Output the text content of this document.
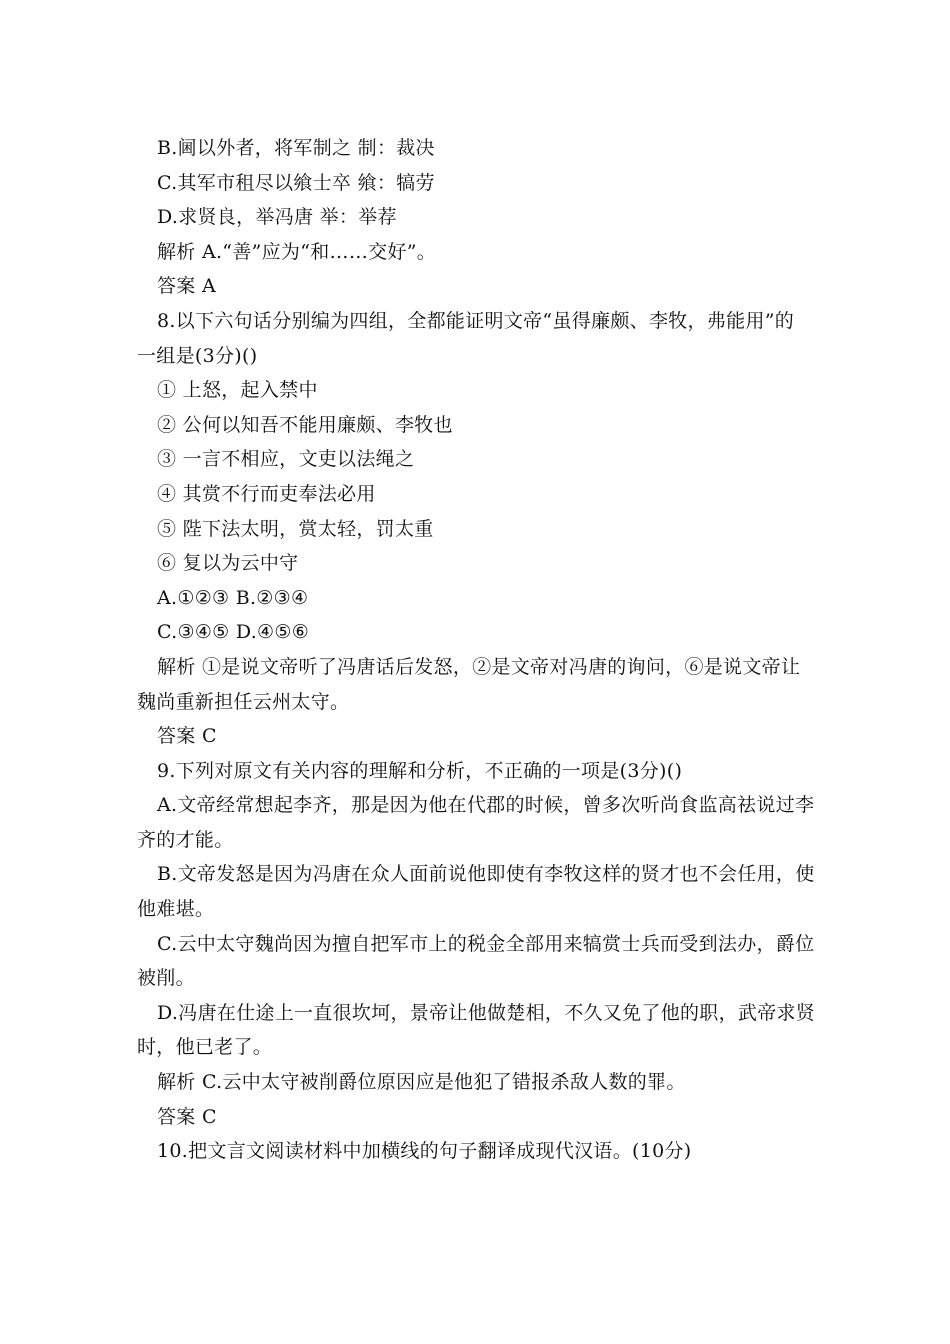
B.阃以外者，将军制之 制：裁决
C.其军市租尽以飨士卒 飨：犒劳
D.求贤良，举冯唐 举：举荐
解析 A.“善”应为“和……交好”。
答案 A
8.以下六句话分别编为四组，全都能证明文帝“虽得廉颇、李牧，弗能用”的
一组是(3分)()
① 上怒，起入禁中
② 公何以知吾不能用廉颇、李牧也
③ 一言不相应，文吏以法绳之
④ 其赏不行而吏奉法必用
⑤ 陛下法太明，赏太轻，罚太重
⑥ 复以为云中守
A.①②③ B.②③④
C.③④⑤ D.④⑤⑥
解析 ①是说文帝听了冯唐话后发怒，②是文帝对冯唐的询问，⑥是说文帝让
魏尚重新担任云州太守。
答案 C
9.下列对原文有关内容的理解和分析，不正确的一项是(3分)()
A.文帝经常想起李齐，那是因为他在代郡的时候，曾多次听尚食监高祛说过李
齐的才能。
B.文帝发怒是因为冯唐在众人面前说他即使有李牧这样的贤才也不会任用，使
他难堪。
C.云中太守魏尚因为擅自把军市上的税金全部用来犒赏士兵而受到法办，爵位
被削。
D.冯唐在仕途上一直很坎坷，景帝让他做楚相，不久又免了他的职，武帝求贤
时，他已老了。
解析 C.云中太守被削爵位原因应是他犯了错报杀敌人数的罪。
答案 C
10.把文言文阅读材料中加横线的句子翻译成现代汉语。(10分)
